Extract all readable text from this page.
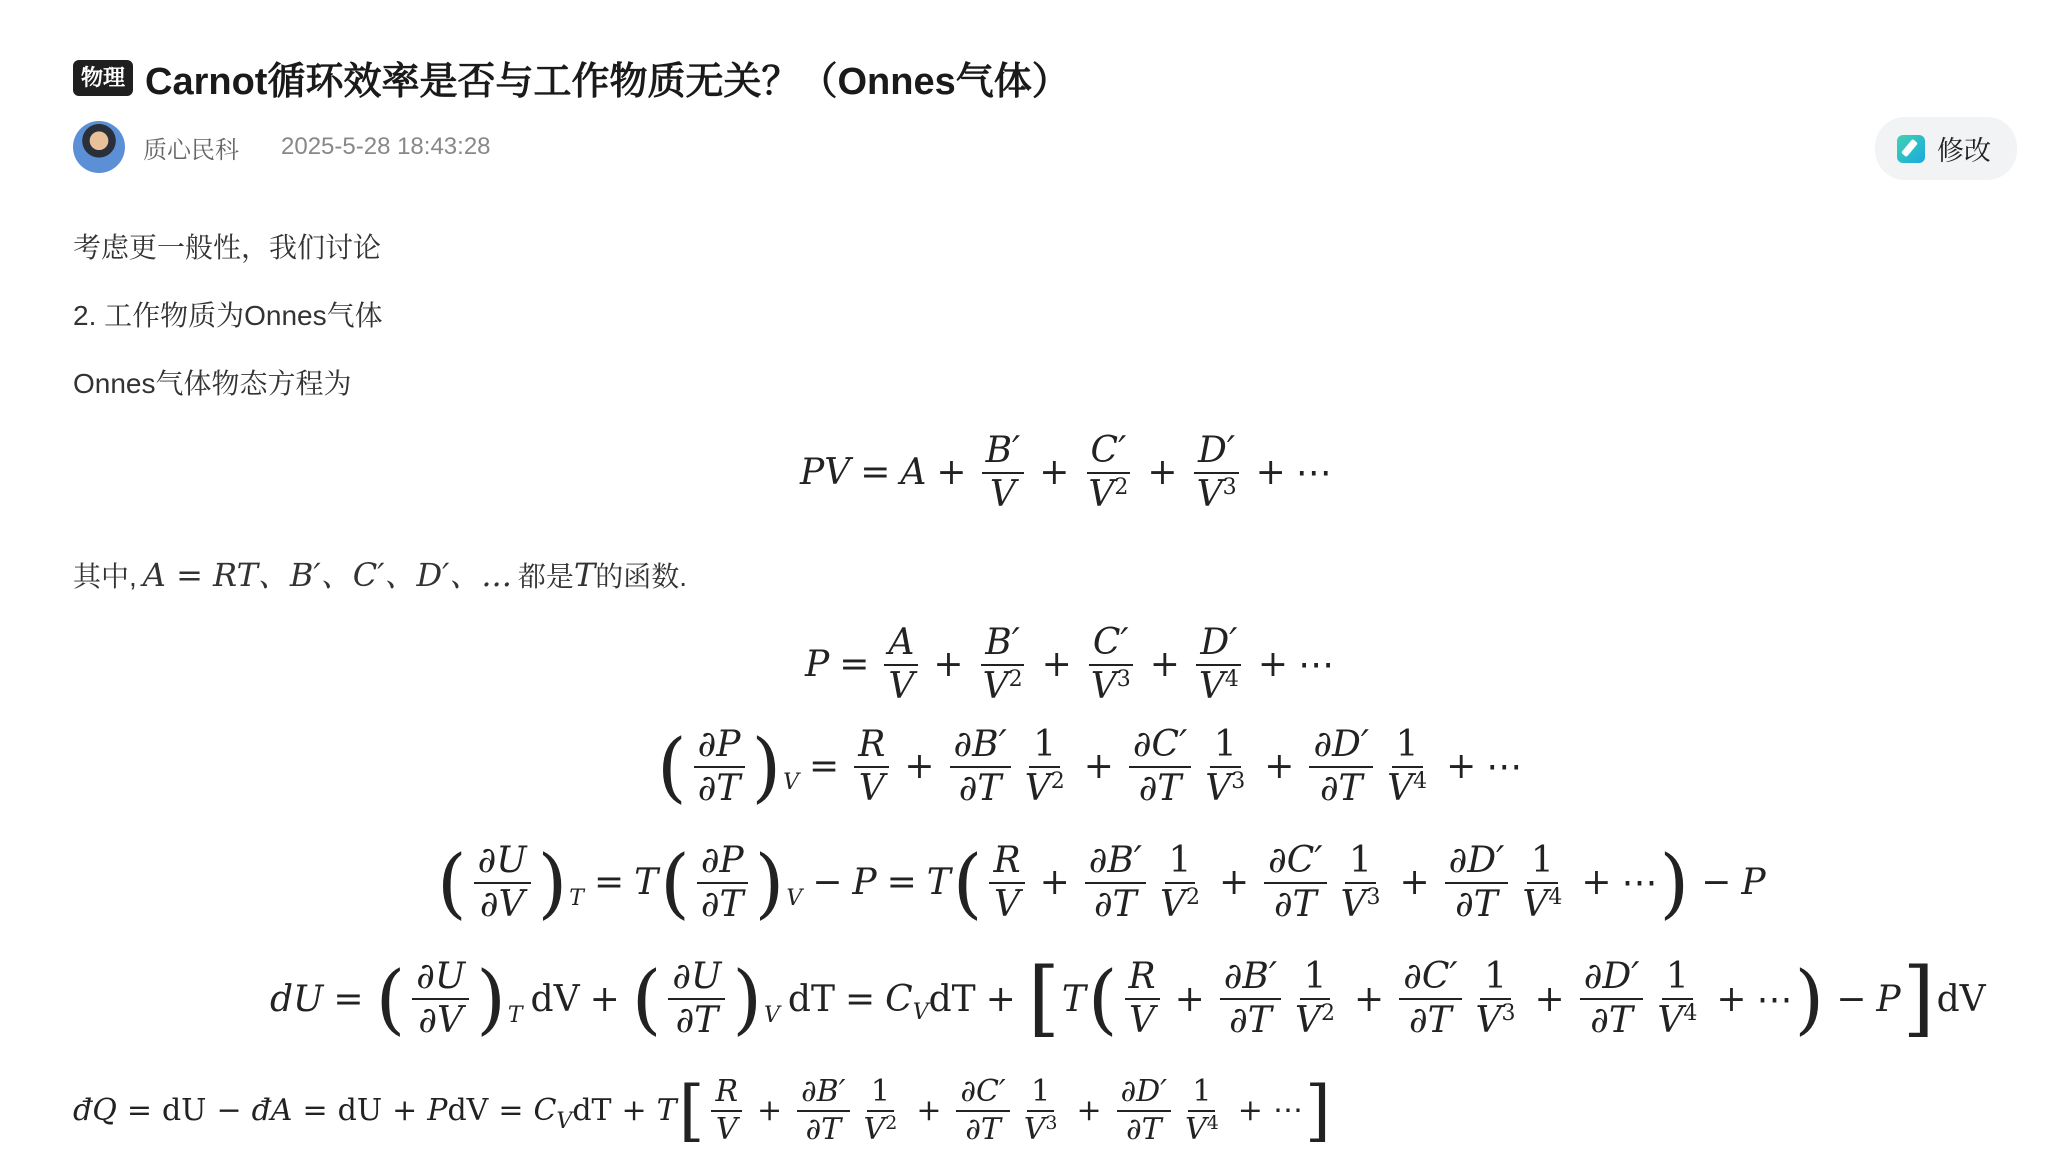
物理 Carnot循环效率是否与工作物质无关？（Onnes气体）
质心民科 2025-5-28 18:43:28	修改
考虑更一般性，我们讨论
2. 工作物质为Onnes气体
Onnes气体物态方程为
PV = $A + \frac{B'}{V} + \frac{C'}{V^2} + \frac{D'}{V^3}$ + ⋯
其中, A = RT、B′、C′、D′、... 都是 T 的函数.
$P = \frac{A}{V} + \frac{B'}{V^2} + \frac{C'}{V^3} + \frac{D'}{V^4}$ + ⋯
( $\frac{\partial P}{\partial T}$ ) $V = \frac{R}{V} + \frac{\partial B'}{\partial T} \frac{1}{V^2} + \frac{\partial C'}{\partial T} \frac{1}{V^3} + \frac{\partial D'}{\partial T} \frac{1}{V^4}$ + ⋯
( $\frac{\partial U}{\partial V}$ ) T = T ( $\frac{\partial P}{\partial T}$ ) V − P = T ( $\frac{R}{V} + \frac{\partial B'}{\partial T} \frac{1}{V^2} + \frac{\partial C'}{\partial T} \frac{1}{V^3} + \frac{\partial D'}{\partial T} \frac{1}{V^4}$ + ⋯ ) − P
dU = ( $\frac{\partial U}{\partial V}$ ) T dV + ( $\frac{\partial U}{\partial T}$ ) V dT = $C_V$ dT + [ T ( $\frac{R}{V} + \frac{\partial B'}{\partial T} \frac{1}{V^2} + \frac{\partial C'}{\partial T} \frac{1}{V^3} + \frac{\partial D'}{\partial T} \frac{1}{V^4}$ + ⋯ ) − P ] dV
đQ = dU − đA = dU + P dV = $C_V$ dT + T [ $\frac{R}{V} + \frac{\partial B'}{\partial T} \frac{1}{V^2} + \frac{\partial C'}{\partial T} \frac{1}{V^3} + \frac{\partial D'}{\partial T} \frac{1}{V^4}$ + ⋯ ]
